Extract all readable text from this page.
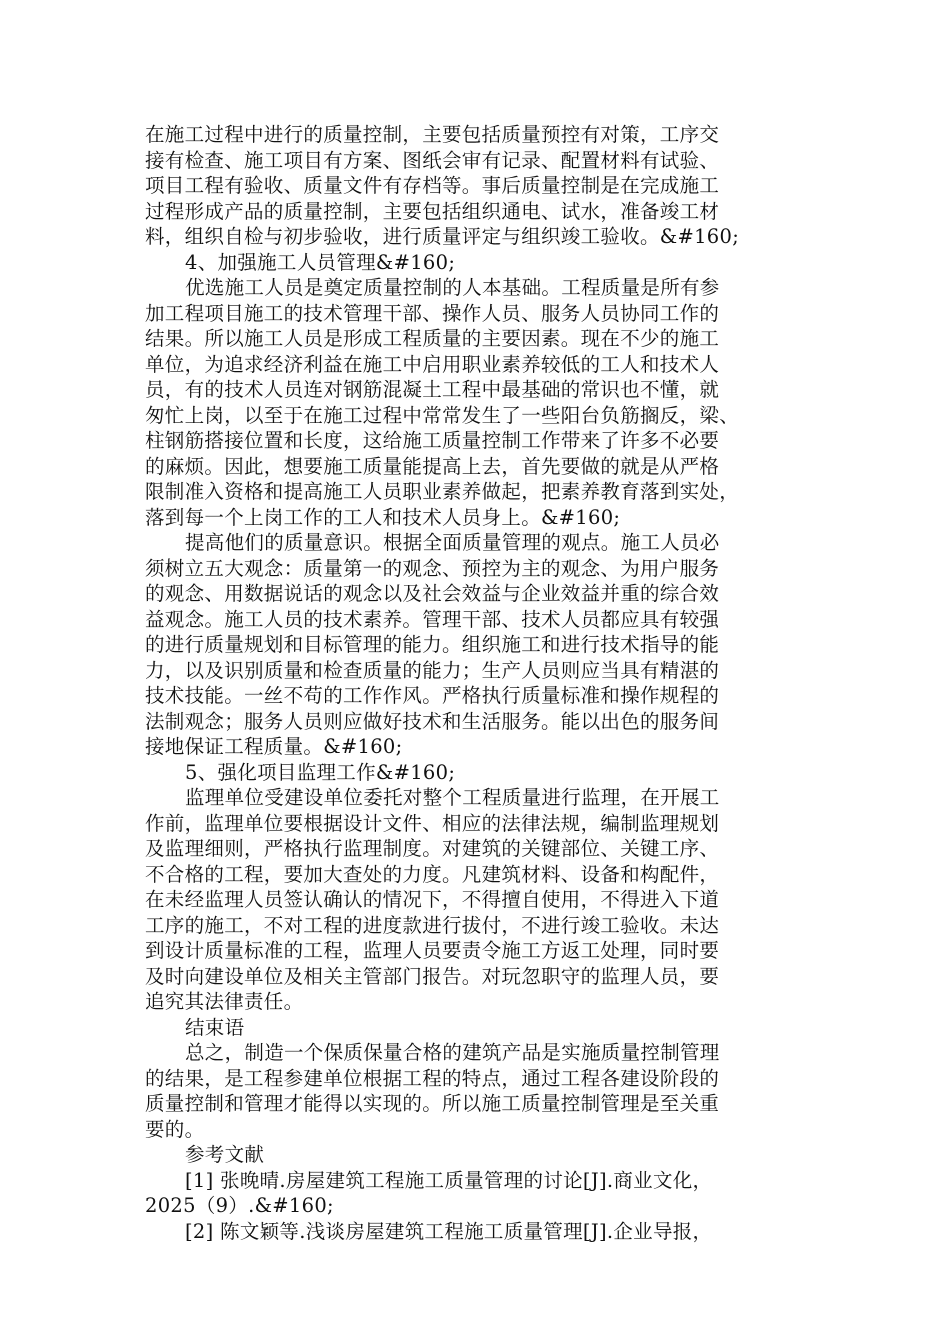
在施工过程中进行的质量控制，主要包括质量预控有对策，工序交
接有检查、施工项目有方案、图纸会审有记录、配置材料有试验、
项目工程有验收、质量文件有存档等。事后质量控制是在完成施工
过程形成产品的质量控制，主要包括组织通电、试水，准备竣工材
料，组织自检与初步验收，进行质量评定与组织竣工验收。&#160;
4、加强施工人员管理&#160;
优选施工人员是奠定质量控制的人本基础。工程质量是所有参
加工程项目施工的技术管理干部、操作人员、服务人员协同工作的
结果。所以施工人员是形成工程质量的主要因素。现在不少的施工
单位，为追求经济利益在施工中启用职业素养较低的工人和技术人
员，有的技术人员连对钢筋混凝土工程中最基础的常识也不懂，就
匆忙上岗，以至于在施工过程中常常发生了一些阳台负筋搁反，梁、
柱钢筋搭接位置和长度，这给施工质量控制工作带来了许多不必要
的麻烦。因此，想要施工质量能提高上去，首先要做的就是从严格
限制准入资格和提高施工人员职业素养做起，把素养教育落到实处，
落到每一个上岗工作的工人和技术人员身上。&#160;
提高他们的质量意识。根据全面质量管理的观点。施工人员必
须树立五大观念：质量第一的观念、预控为主的观念、为用户服务
的观念、用数据说话的观念以及社会效益与企业效益并重的综合效
益观念。施工人员的技术素养。管理干部、技术人员都应具有较强
的进行质量规划和目标管理的能力。组织施工和进行技术指导的能
力，以及识别质量和检查质量的能力；生产人员则应当具有精湛的
技术技能。一丝不苟的工作作风。严格执行质量标准和操作规程的
法制观念；服务人员则应做好技术和生活服务。能以出色的服务间
接地保证工程质量。&#160;
5、强化项目监理工作&#160;
监理单位受建设单位委托对整个工程质量进行监理，在开展工
作前，监理单位要根据设计文件、相应的法律法规，编制监理规划
及监理细则，严格执行监理制度。对建筑的关键部位、关键工序、
不合格的工程，要加大查处的力度。凡建筑材料、设备和构配件，
在未经监理人员签认确认的情况下，不得擅自使用，不得进入下道
工序的施工，不对工程的进度款进行拔付，不进行竣工验收。未达
到设计质量标准的工程，监理人员要责令施工方返工处理，同时要
及时向建设单位及相关主管部门报告。对玩忽职守的监理人员，要
追究其法律责任。
结束语
总之，制造一个保质保量合格的建筑产品是实施质量控制管理
的结果，是工程参建单位根据工程的特点，通过工程各建设阶段的
质量控制和管理才能得以实现的。所以施工质量控制管理是至关重
要的。
参考文献
[1] 张晚晴.房屋建筑工程施工质量管理的讨论[J].商业文化，
2025（9）.&#160;
[2] 陈文颖等.浅谈房屋建筑工程施工质量管理[J].企业导报，
